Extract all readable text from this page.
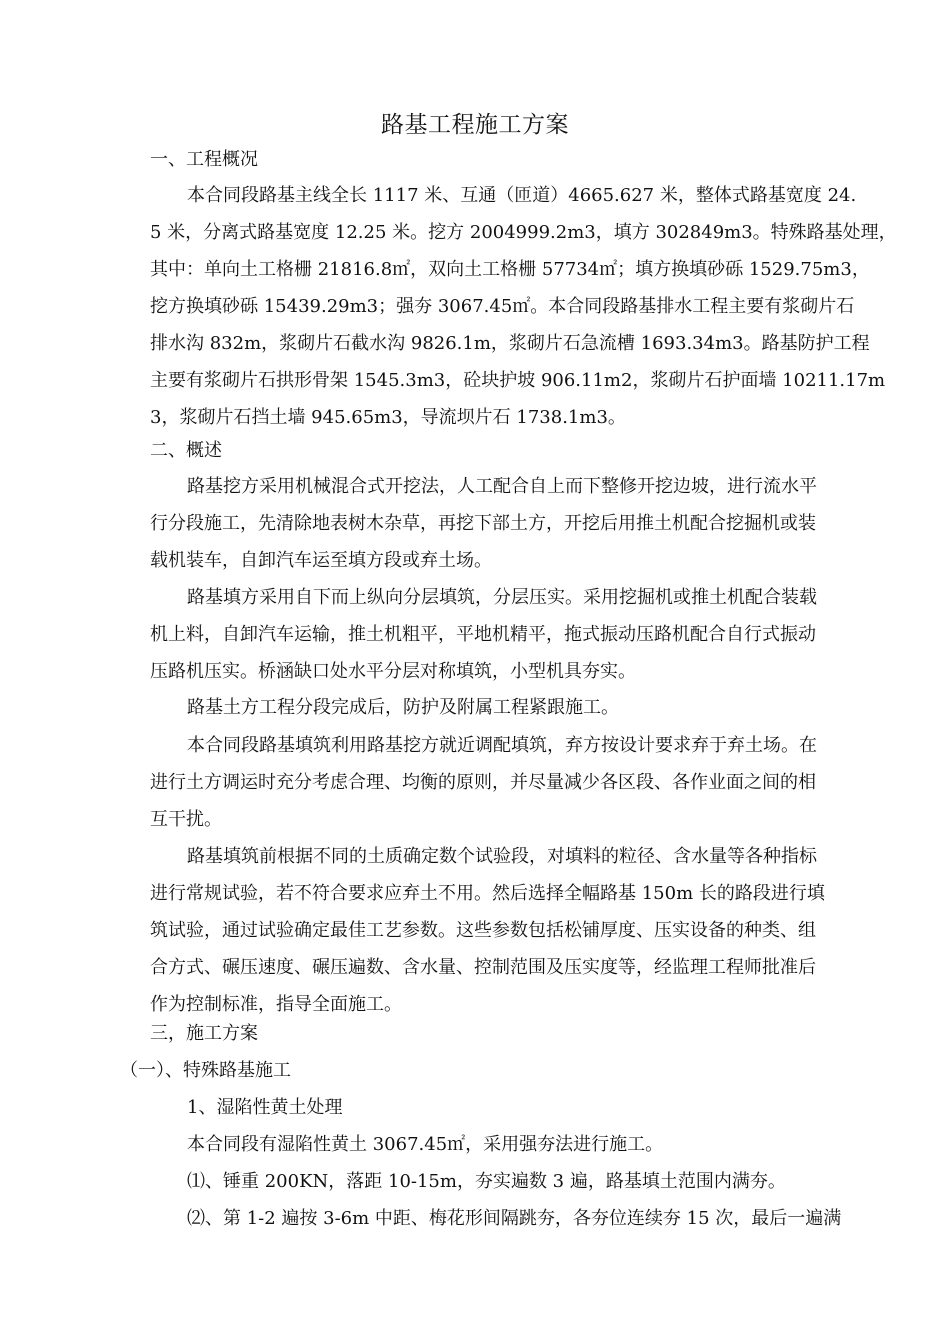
路基工程施工方案
一、工程概况
本合同段路基主线全长 1117 米、互通（匝道）4665.627 米，整体式路基宽度 24.
5 米，分离式路基宽度 12.25 米。挖方 2004999.2m3，填方 302849m3。特殊路基处理，
其中：单向土工格栅 21816.8㎡，双向土工格栅 57734㎡；填方换填砂砾 1529.75m3，
挖方换填砂砾 15439.29m3；强夯 3067.45㎡。本合同段路基排水工程主要有浆砌片石
排水沟 832m，浆砌片石截水沟 9826.1m，浆砌片石急流槽 1693.34m3。路基防护工程
主要有浆砌片石拱形骨架 1545.3m3，砼块护坡 906.11m2，浆砌片石护面墙 10211.17m
3，浆砌片石挡土墙 945.65m3，导流坝片石 1738.1m3。
二、概述
路基挖方采用机械混合式开挖法，人工配合自上而下整修开挖边坡，进行流水平
行分段施工，先清除地表树木杂草，再挖下部土方，开挖后用推土机配合挖掘机或装
载机装车，自卸汽车运至填方段或弃土场。
路基填方采用自下而上纵向分层填筑，分层压实。采用挖掘机或推土机配合装载
机上料，自卸汽车运输，推土机粗平，平地机精平，拖式振动压路机配合自行式振动
压路机压实。桥涵缺口处水平分层对称填筑，小型机具夯实。
路基土方工程分段完成后，防护及附属工程紧跟施工。
本合同段路基填筑利用路基挖方就近调配填筑，弃方按设计要求弃于弃土场。在
进行土方调运时充分考虑合理、均衡的原则，并尽量减少各区段、各作业面之间的相
互干扰。
路基填筑前根据不同的土质确定数个试验段，对填料的粒径、含水量等各种指标
进行常规试验，若不符合要求应弃土不用。然后选择全幅路基 150m 长的路段进行填
筑试验，通过试验确定最佳工艺参数。这些参数包括松铺厚度、压实设备的种类、组
合方式、碾压速度、碾压遍数、含水量、控制范围及压实度等，经监理工程师批准后
作为控制标准，指导全面施工。
三，施工方案
（一）、特殊路基施工
1、湿陷性黄土处理
本合同段有湿陷性黄土 3067.45㎡，采用强夯法进行施工。
⑴、锤重 200KN，落距 10-15m，夯实遍数 3 遍，路基填土范围内满夯。
⑵、第 1-2 遍按 3-6m 中距、梅花形间隔跳夯，各夯位连续夯 15 次，最后一遍满
